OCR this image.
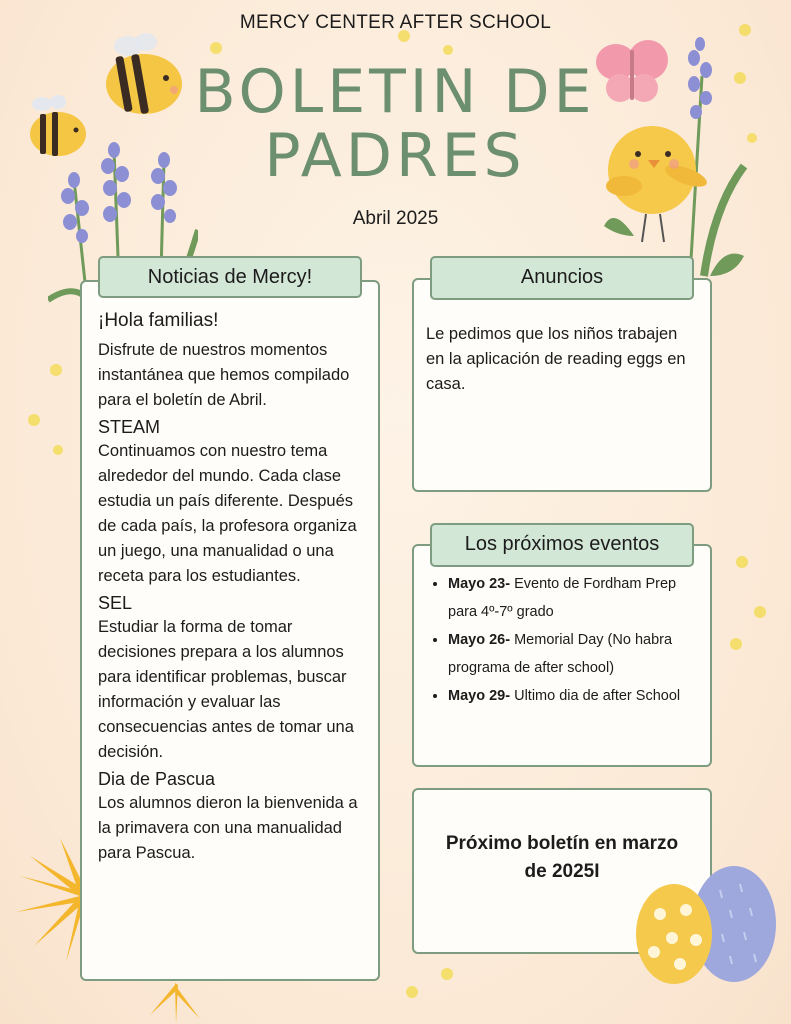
MERCY CENTER AFTER SCHOOL
BOLETIN DE PADRES
Abril 2025

¡Hola familias!

Disfrute de nuestros momentos instantánea que hemos compilado para el boletín de Abril.

STEAM

Continuamos con nuestro tema alrededor del mundo. Cada clase estudia un país diferente. Después de cada país, la profesora organiza un juego, una manualidad o una receta para los estudiantes.

SEL

Estudiar la forma de tomar decisiones prepara a los alumnos para identificar problemas, buscar información y evaluar las consecuencias antes de tomar una decisión.

Dia de Pascua

Los alumnos dieron la bienvenida a la primavera con una manualidad para Pascua.

Noticias de Mercy!
Le pedimos que los niños trabajen en la aplicación de reading eggs en casa.
Anuncios
• Mayo 23- Evento de Fordham Prep para 4º-7º grado
• Mayo 26- Memorial Day (No habra programa de after school)
• Mayo 29- Ultimo dia de after School
Los próximos eventos
Próximo boletín en marzo de 2025I
